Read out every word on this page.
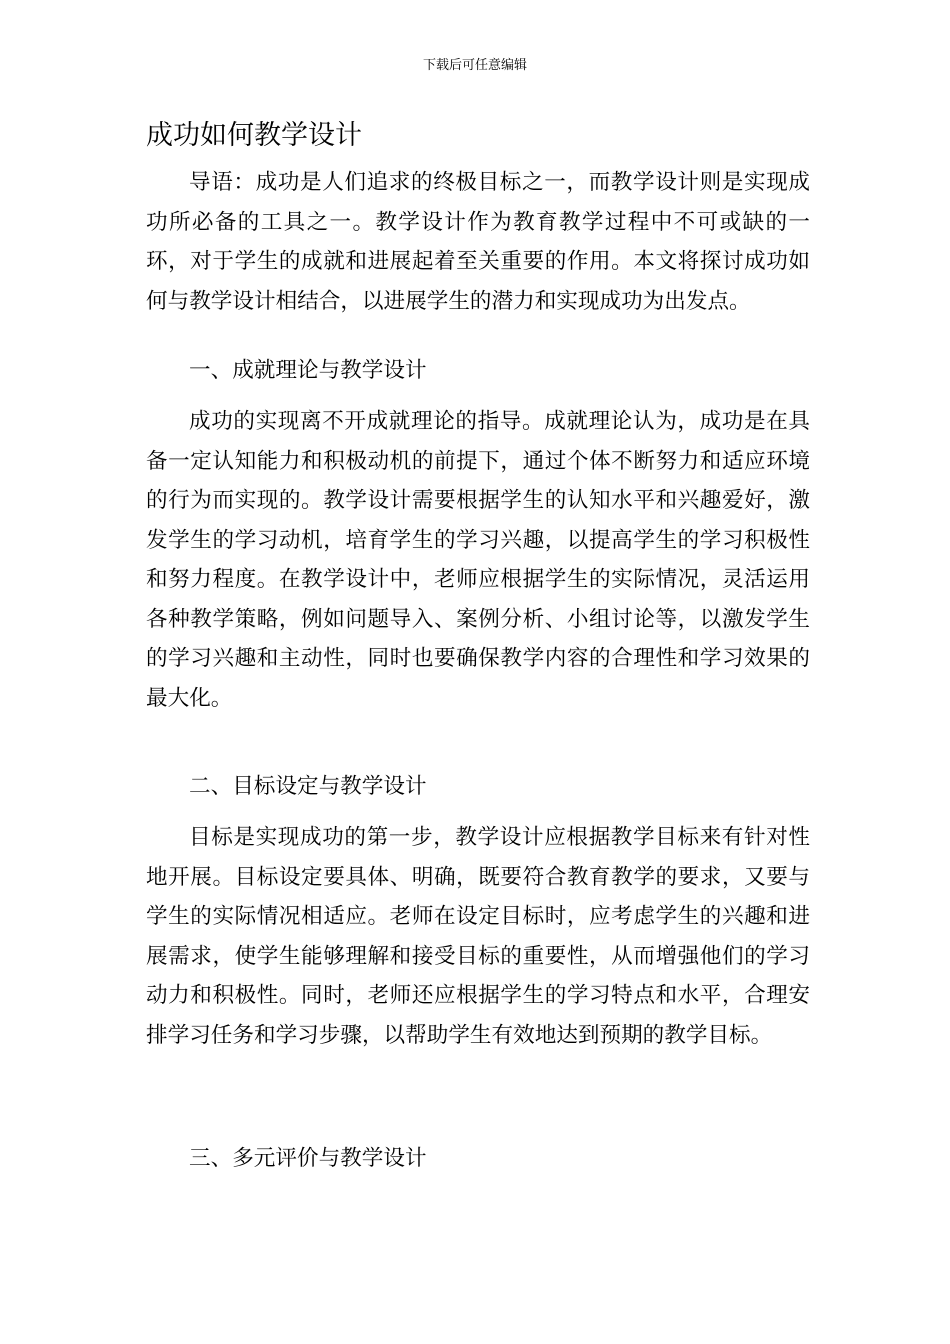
下载后可任意编辑
成功如何教学设计

导语：成功是人们追求的终极目标之一，而教学设计则是实现成功所必备的工具之一。教学设计作为教育教学过程中不可或缺的一环，对于学生的成就和进展起着至关重要的作用。本文将探讨成功如何与教学设计相结合，以进展学生的潜力和实现成功为出发点。

一、成就理论与教学设计

成功的实现离不开成就理论的指导。成就理论认为，成功是在具备一定认知能力和积极动机的前提下，通过个体不断努力和适应环境的行为而实现的。教学设计需要根据学生的认知水平和兴趣爱好，激发学生的学习动机，培育学生的学习兴趣，以提高学生的学习积极性和努力程度。在教学设计中，老师应根据学生的实际情况，灵活运用各种教学策略，例如问题导入、案例分析、小组讨论等，以激发学生的学习兴趣和主动性，同时也要确保教学内容的合理性和学习效果的最大化。

二、目标设定与教学设计

目标是实现成功的第一步，教学设计应根据教学目标来有针对性地开展。目标设定要具体、明确，既要符合教育教学的要求，又要与学生的实际情况相适应。老师在设定目标时，应考虑学生的兴趣和进展需求，使学生能够理解和接受目标的重要性，从而增强他们的学习动力和积极性。同时，老师还应根据学生的学习特点和水平，合理安排学习任务和学习步骤，以帮助学生有效地达到预期的教学目标。

三、多元评价与教学设计
